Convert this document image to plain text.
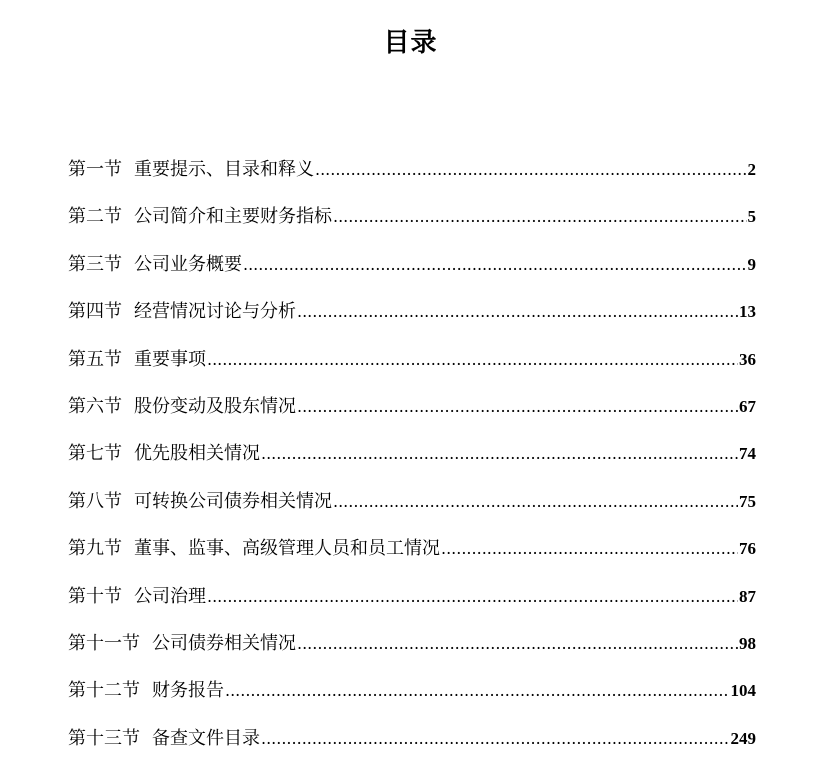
目录
第一节 重要提示、目录和释义 .....	2
第二节 公司简介和主要财务指标 .....	5
第三节 公司业务概要 .....	9
第四节 经营情况讨论与分析 .....	13
第五节 重要事项 .....	36
第六节 股份变动及股东情况 .....	67
第七节 优先股相关情况 .....	74
第八节 可转换公司债券相关情况 .....	75
第九节 董事、监事、高级管理人员和员工情况 .....	76
第十节 公司治理 .....	87
第十一节 公司债券相关情况 .....	98
第十二节 财务报告 .....	104
第十三节 备查文件目录 .....	249
